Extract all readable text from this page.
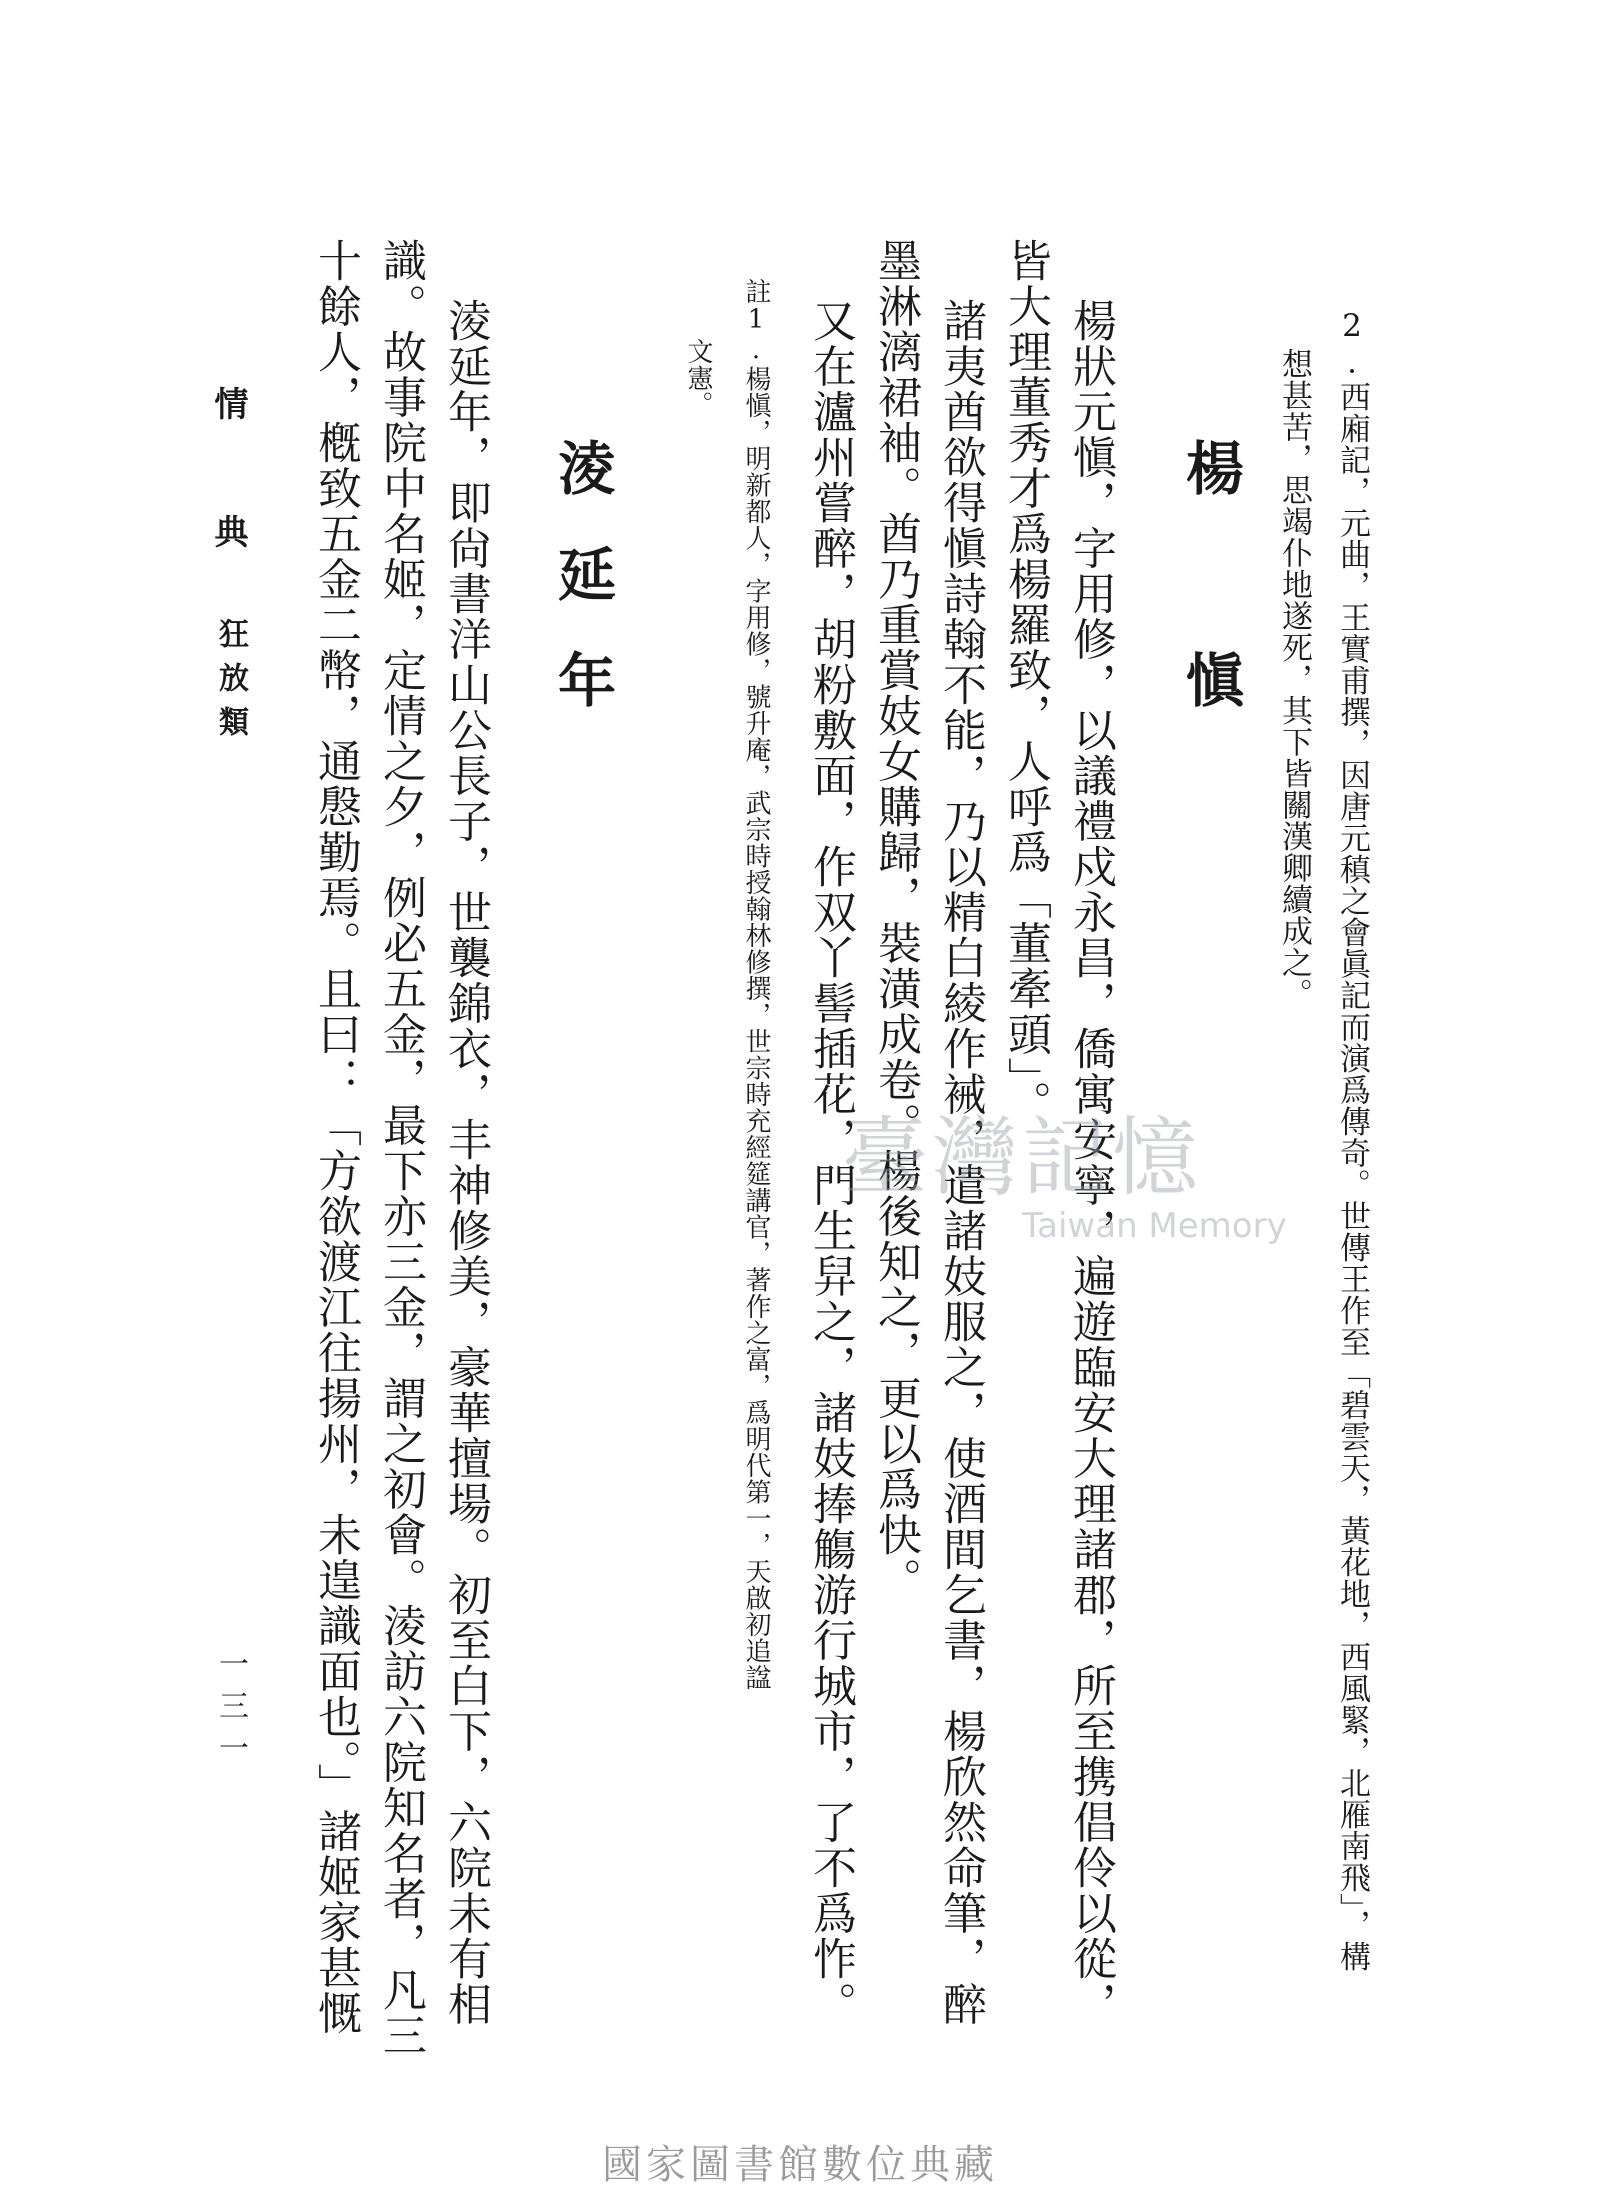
2.西廂記，元曲，王實甫撰，因唐元稹之會眞記而演爲傳奇。世傳王作至「碧雲天，黃花地，西風緊，北雁南飛」，構
想甚苦，思竭仆地遂死，其下皆關漢卿續成之。
楊　愼
楊狀元愼，字用修，以議禮戍永昌，僑寓安寧，遍遊臨安大理諸郡，所至携倡伶以從，
皆大理董秀才爲楊羅致，人呼爲「董牽頭」。
諸夷酋欲得愼詩翰不能，乃以精白綾作裓，遣諸妓服之，使酒間乞書，楊欣然命筆，醉
墨淋漓裙袖。酋乃重賞妓女購歸，裝潢成卷。楊後知之，更以爲快。
又在瀘州嘗醉，胡粉敷面，作双丫髻插花，門生舁之，諸妓捧觴游行城市，了不爲怍。
註1.楊愼，明新都人，字用修，號升庵，武宗時授翰林修撰，世宗時充經筵講官，著作之富，爲明代第一，天啟初追諡
文憲。
淩延年
淩延年，即尙書洋山公長子，世襲錦衣，丰神修美，豪華擅場。初至白下，六院未有相
識。故事院中名姬，定情之夕，例必五金，最下亦三金，謂之初會。淩訪六院知名者，凡三
十餘人，槪致五金二幣，通慇勤焉。且曰：「方欲渡江往揚州，未遑識面也。」諸姬家甚慨
情　典
狂放類
一三一
臺灣記憶
Taiwan Memory
國家圖書館數位典藏
